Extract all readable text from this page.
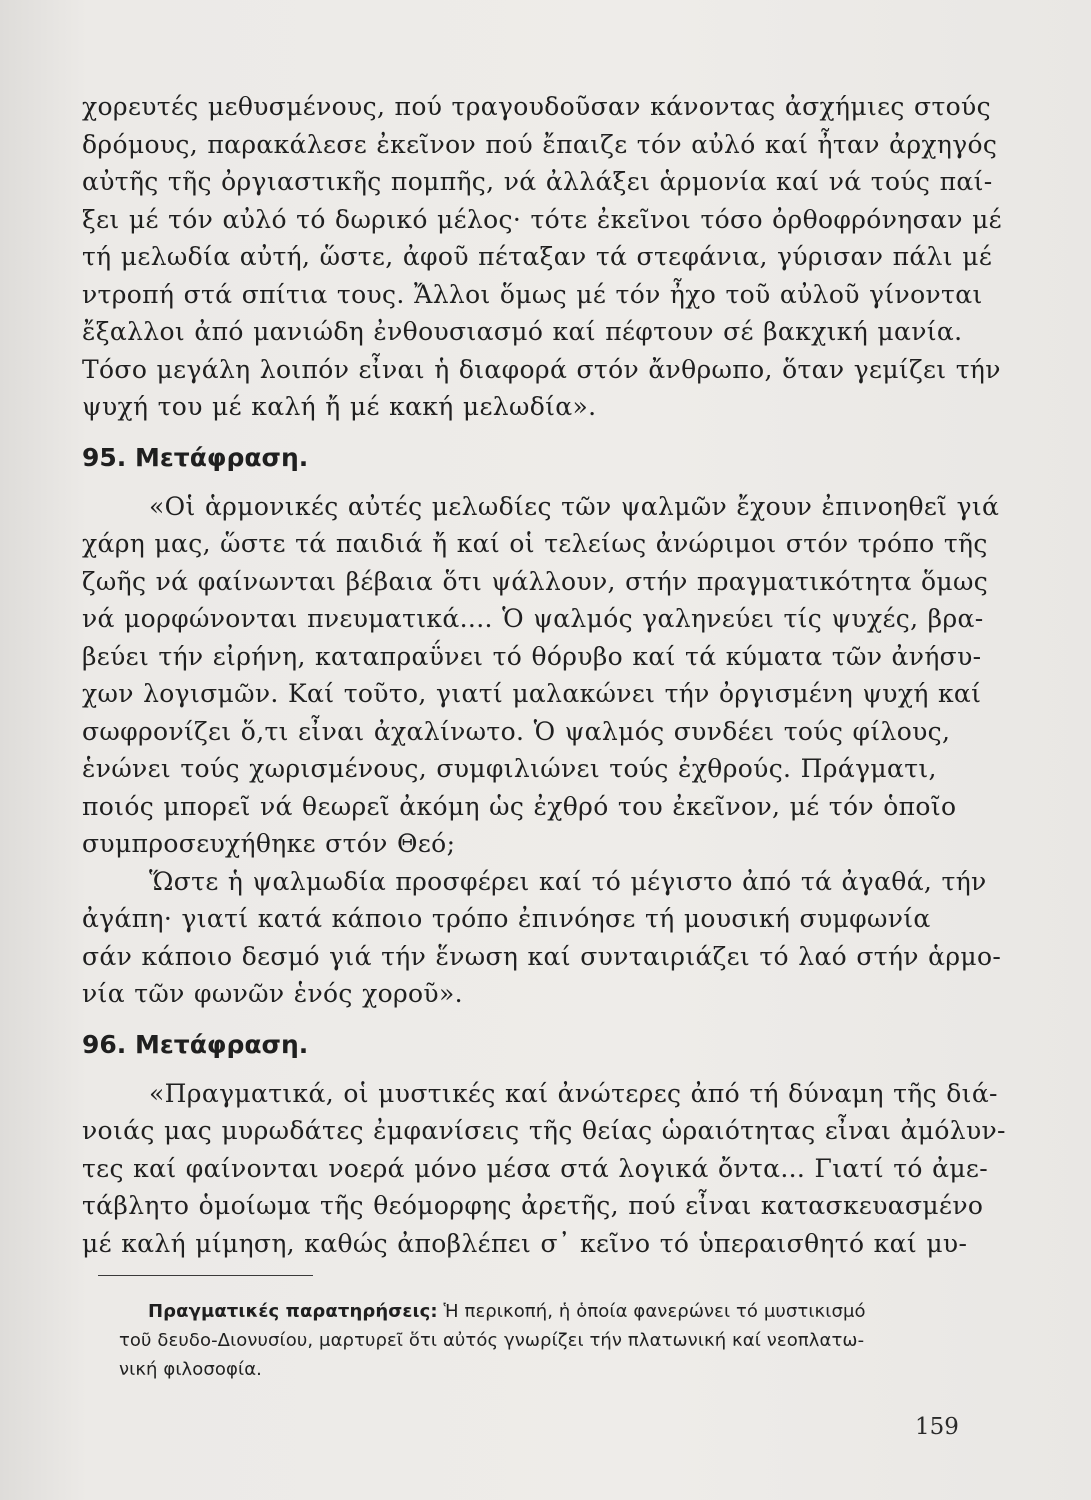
χορευτές μεθυσμένους, πού τραγουδοῦσαν κάνοντας ἀσχήμιες στούς
δρόμους, παρακάλεσε ἐκεῖνον πού ἔπαιζε τόν αὐλό καί ἦταν ἀρχηγός
αὐτῆς τῆς ὀργιαστικῆς πομπῆς, νά ἀλλάξει ἁρμονία καί νά τούς παί-
ξει μέ τόν αὐλό τό δωρικό μέλος· τότε ἐκεῖνοι τόσο ὀρθοφρόνησαν μέ
τή μελωδία αὐτή, ὥστε, ἀφοῦ πέταξαν τά στεφάνια, γύρισαν πάλι μέ
ντροπή στά σπίτια τους. Ἄλλοι ὅμως μέ τόν ἦχο τοῦ αὐλοῦ γίνονται
ἔξαλλοι ἀπό μανιώδη ἐνθουσιασμό καί πέφτουν σέ βακχική μανία.
Τόσο μεγάλη λοιπόν εἶναι ἡ διαφορά στόν ἄνθρωπο, ὅταν γεμίζει τήν
ψυχή του μέ καλή ἤ μέ κακή μελωδία».
95. Μετάφραση.
«Οἱ ἁρμονικές αὐτές μελωδίες τῶν ψαλμῶν ἔχουν ἐπινοηθεῖ γιά
χάρη μας, ὥστε τά παιδιά ἤ καί οἱ τελείως ἀνώριμοι στόν τρόπο τῆς
ζωῆς νά φαίνωνται βέβαια ὅτι ψάλλουν, στήν πραγματικότητα ὅμως
νά μορφώνονται πνευματικά.... Ὁ ψαλμός γαληνεύει τίς ψυχές, βρα-
βεύει τήν εἰρήνη, καταπραΰνει τό θόρυβο καί τά κύματα τῶν ἀνήσυ-
χων λογισμῶν. Καί τοῦτο, γιατί μαλακώνει τήν ὀργισμένη ψυχή καί
σωφρονίζει ὅ,τι εἶναι ἀχαλίνωτο. Ὁ ψαλμός συνδέει τούς φίλους,
ἑνώνει τούς χωρισμένους, συμφιλιώνει τούς ἐχθρούς. Πράγματι,
ποιός μπορεῖ νά θεωρεῖ ἀκόμη ὡς ἐχθρό του ἐκεῖνον, μέ τόν ὁποῖο
συμπροσευχήθηκε στόν Θεό;
Ὥστε ἡ ψαλμωδία προσφέρει καί τό μέγιστο ἀπό τά ἀγαθά, τήν
ἀγάπη· γιατί κατά κάποιο τρόπο ἐπινόησε τή μουσική συμφωνία
σάν κάποιο δεσμό γιά τήν ἕνωση καί συνταιριάζει τό λαό στήν ἁρμο-
νία τῶν φωνῶν ἑνός χοροῦ».
96. Μετάφραση.
«Πραγματικά, οἱ μυστικές καί ἀνώτερες ἀπό τή δύναμη τῆς διά-
νοιάς μας μυρωδάτες ἐμφανίσεις τῆς θείας ὡραιότητας εἶναι ἀμόλυν-
τες καί φαίνονται νοερά μόνο μέσα στά λογικά ὄντα... Γιατί τό ἀμε-
τάβλητο ὁμοίωμα τῆς θεόμορφης ἀρετῆς, πού εἶναι κατασκευασμένο
μέ καλή μίμηση, καθώς ἀποβλέπει σ᾿ κεῖνο τό ὑπεραισθητό καί μυ-
Πραγματικές παρατηρήσεις: Ἡ περικοπή, ἡ ὁποία φανερώνει τό μυστικισμό
τοῦ δευδο-Διονυσίου, μαρτυρεῖ ὅτι αὐτός γνωρίζει τήν πλατωνική καί νεοπλατω-
νική φιλοσοφία.
159
